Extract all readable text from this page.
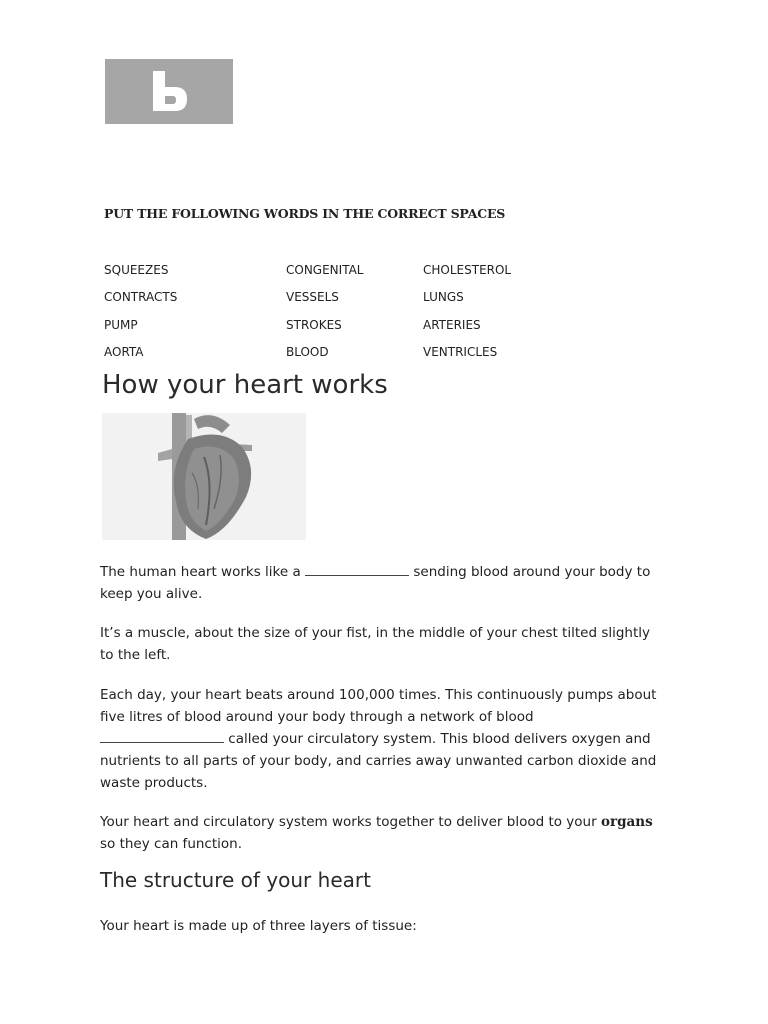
PUT THE FOLLOWING WORDS IN THE CORRECT SPACES
SQUEEZES
CONTRACTS
PUMP
AORTA
CONGENITAL
VESSELS
STROKES
BLOOD
CHOLESTEROL
LUNGS
ARTERIES
VENTRICLES
How your heart works

The human heart works like a	sending blood around your body to keep you alive.

It’s a muscle, about the size of your fist, in the middle of your chest tilted slightly to the left.

Each day, your heart beats around 100,000 times. This continuously pumps about five litres of blood around your body through a network of blood  called your circulatory system. This blood delivers oxygen and nutrients to all parts of your body, and carries away unwanted carbon dioxide and waste products.

Your heart and circulatory system works together to deliver blood to your organs so they can function.

The structure of your heart

Your heart is made up of three layers of tissue:
